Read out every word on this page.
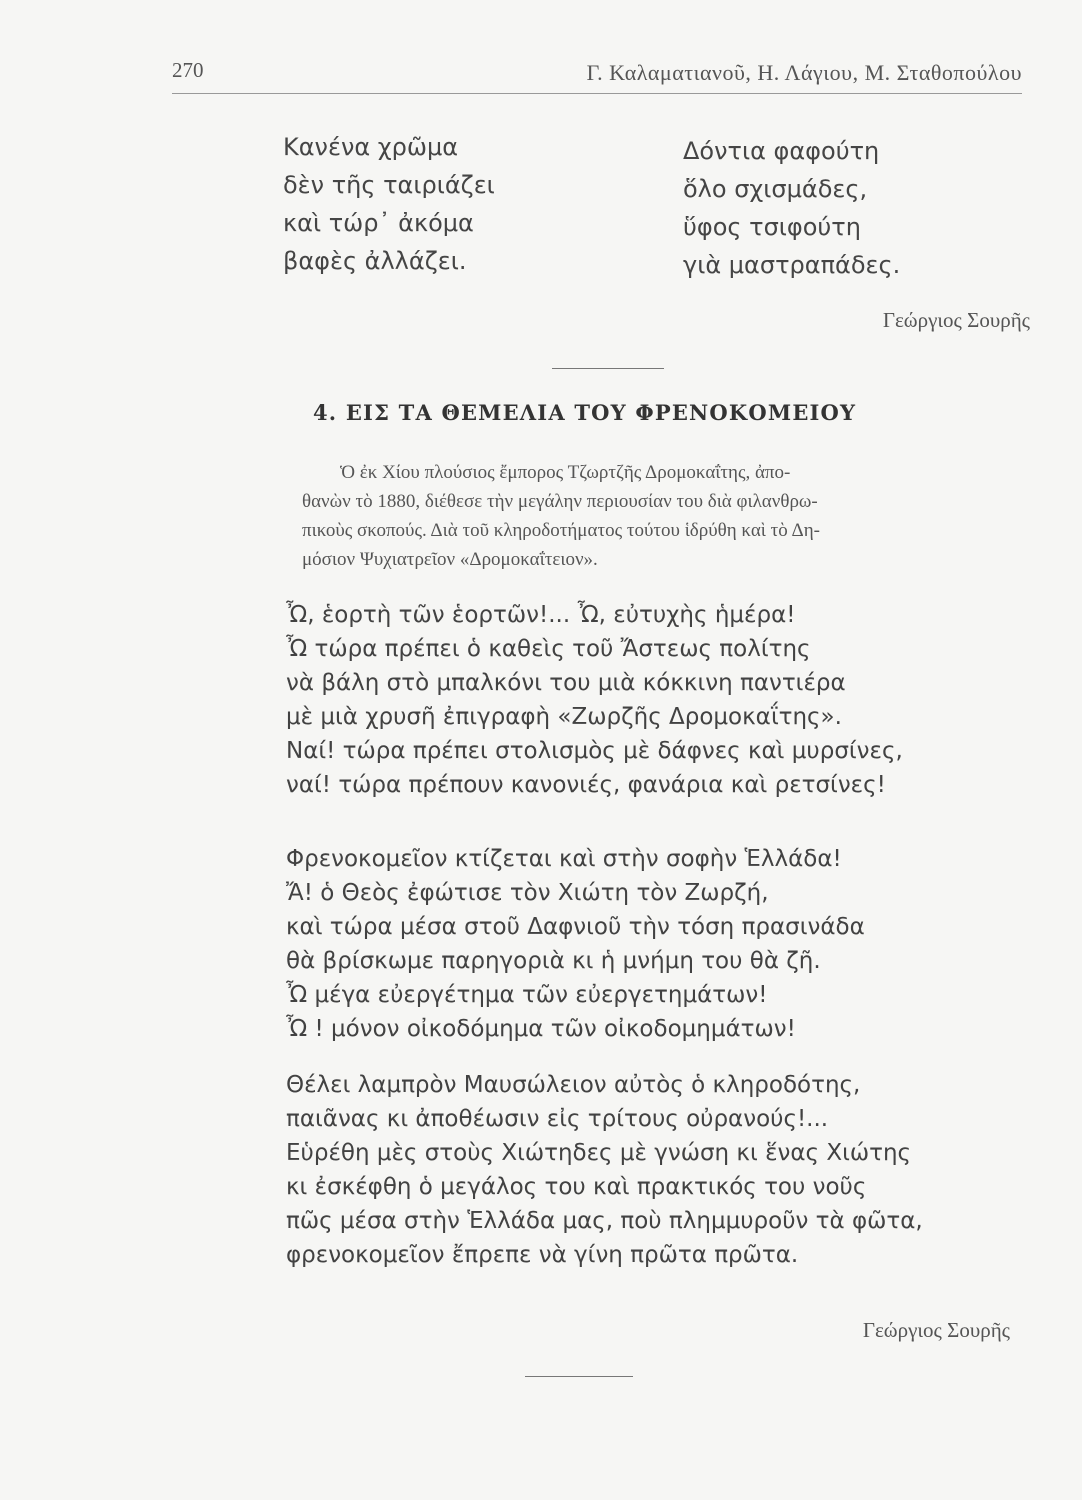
270	Γ. Καλαματιανοῦ, Η. Λάγιου, Μ. Σταθοπούλου
Κανένα χρῶμα
δὲν τῆς ταιριάζει
καὶ τώρ᾽ ἀκόμα
βαφὲς ἀλλάζει.
Δόντια φαφούτη
ὅλο σχισμάδες,
ὕφος τσιφούτη
γιὰ μαστραπάδες.
Γεώργιος Σουρῆς
4. ΕΙΣ ΤΑ ΘΕΜΕΛΙΑ ΤΟΥ ΦΡΕΝΟΚΟΜΕΙΟΥ
Ὁ ἐκ Χίου πλούσιος ἔμπορος Τζωρτζῆς Δρομοκαΐτης, ἀπο-
θανὼν τὸ 1880, διέθεσε τὴν μεγάλην περιουσίαν του διὰ φιλανθρω-
πικοὺς σκοπούς. Διὰ τοῦ κληροδοτήματος τούτου ἱδρύθη καὶ τὸ Δη-
μόσιον Ψυχιατρεῖον «Δρομοκαΐτειον».
Ὦ, ἑορτὴ τῶν ἑορτῶν!... Ὦ, εὐτυχὴς ἡμέρα!
Ὦ τώρα πρέπει ὁ καθεὶς τοῦ Ἄστεως πολίτης
νὰ βάλη στὸ μπαλκόνι του μιὰ κόκκινη παντιέρα
μὲ μιὰ χρυσῆ ἐπιγραφὴ «Ζωρζῆς Δρομοκαΐτης».
Ναί! τώρα πρέπει στολισμὸς μὲ δάφνες καὶ μυρσίνες,
ναί! τώρα πρέπουν κανονιές, φανάρια καὶ ρετσίνες!
Φρενοκομεῖον κτίζεται καὶ στὴν σοφὴν Ἑλλάδα!
Ἄ! ὁ Θεὸς ἐφώτισε τὸν Χιώτη τὸν Ζωρζή,
καὶ τώρα μέσα στοῦ Δαφνιοῦ τὴν τόση πρασινάδα
θὰ βρίσκωμε παρηγοριὰ κι ἡ μνήμη του θὰ ζῆ.
Ὦ μέγα εὐεργέτημα τῶν εὐεργετημάτων!
Ὦ ! μόνον οἰκοδόμημα τῶν οἰκοδομημάτων!
Θέλει λαμπρὸν Μαυσώλειον αὐτὸς ὁ κληροδότης,
παιᾶνας κι ἀποθέωσιν εἰς τρίτους οὐρανούς!...
Εὑρέθη μὲς στοὺς Χιώτηδες μὲ γνώση κι ἕνας Χιώτης
κι ἐσκέφθη ὁ μεγάλος του καὶ πρακτικός του νοῦς
πῶς μέσα στὴν Ἑλλάδα μας, ποὺ πλημμυροῦν τὰ φῶτα,
φρενοκομεῖον ἔπρεπε νὰ γίνη πρῶτα πρῶτα.
Γεώργιος Σουρῆς
